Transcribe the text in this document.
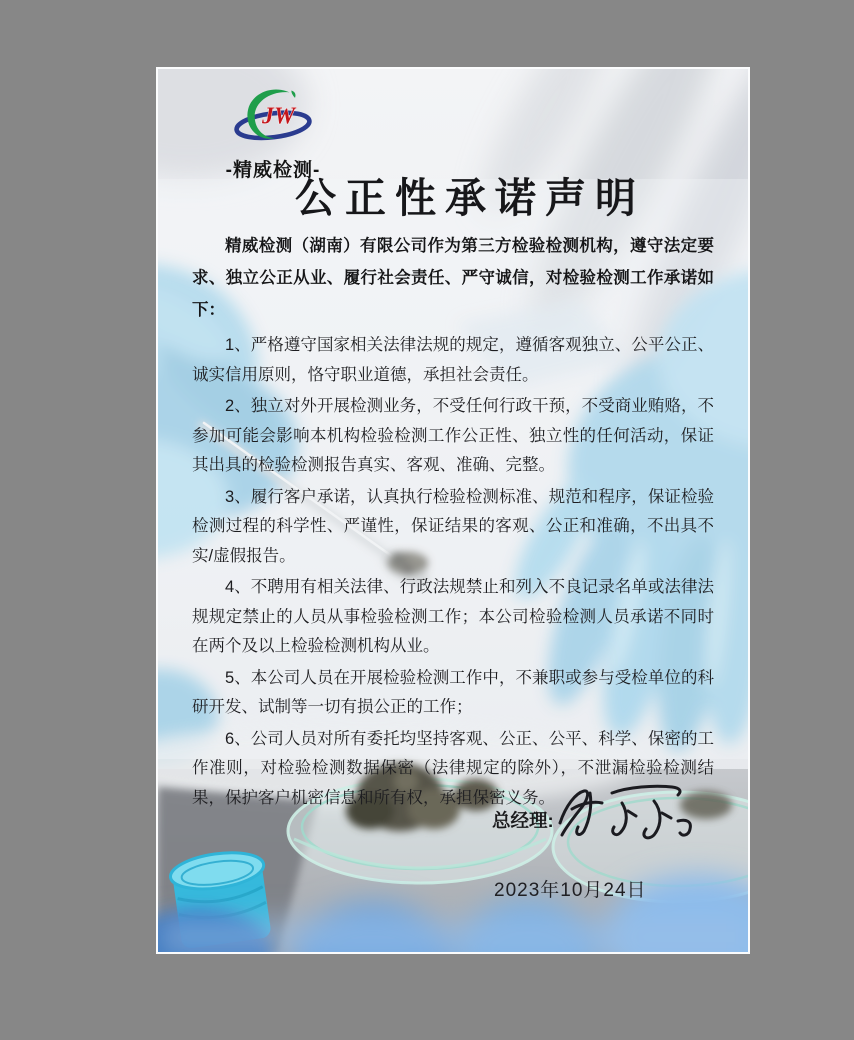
JW
-精威检测-
公正性承诺声明

精威检测（湖南）有限公司作为第三方检验检测机构，遵守法定要求、独立公正从业、履行社会责任、严守诚信，对检验检测工作承诺如下：

1、严格遵守国家相关法律法规的规定，遵循客观独立、公平公正、诚实信用原则，恪守职业道德，承担社会责任。

2、独立对外开展检测业务，不受任何行政干预，不受商业贿赂，不参加可能会影响本机构检验检测工作公正性、独立性的任何活动，保证其出具的检验检测报告真实、客观、准确、完整。

3、履行客户承诺，认真执行检验检测标准、规范和程序，保证检验检测过程的科学性、严谨性，保证结果的客观、公正和准确，不出具不实/虚假报告。

4、不聘用有相关法律、行政法规禁止和列入不良记录名单或法律法规规定禁止的人员从事检验检测工作；本公司检验检测人员承诺不同时在两个及以上检验检测机构从业。

5、本公司人员在开展检验检测工作中，不兼职或参与受检单位的科研开发、试制等一切有损公正的工作；

6、公司人员对所有委托均坚持客观、公正、公平、科学、保密的工作准则，对检验检测数据保密（法律规定的除外），不泄漏检验检测结果，保护客户机密信息和所有权，承担保密义务。

总经理:
2023年10月24日
